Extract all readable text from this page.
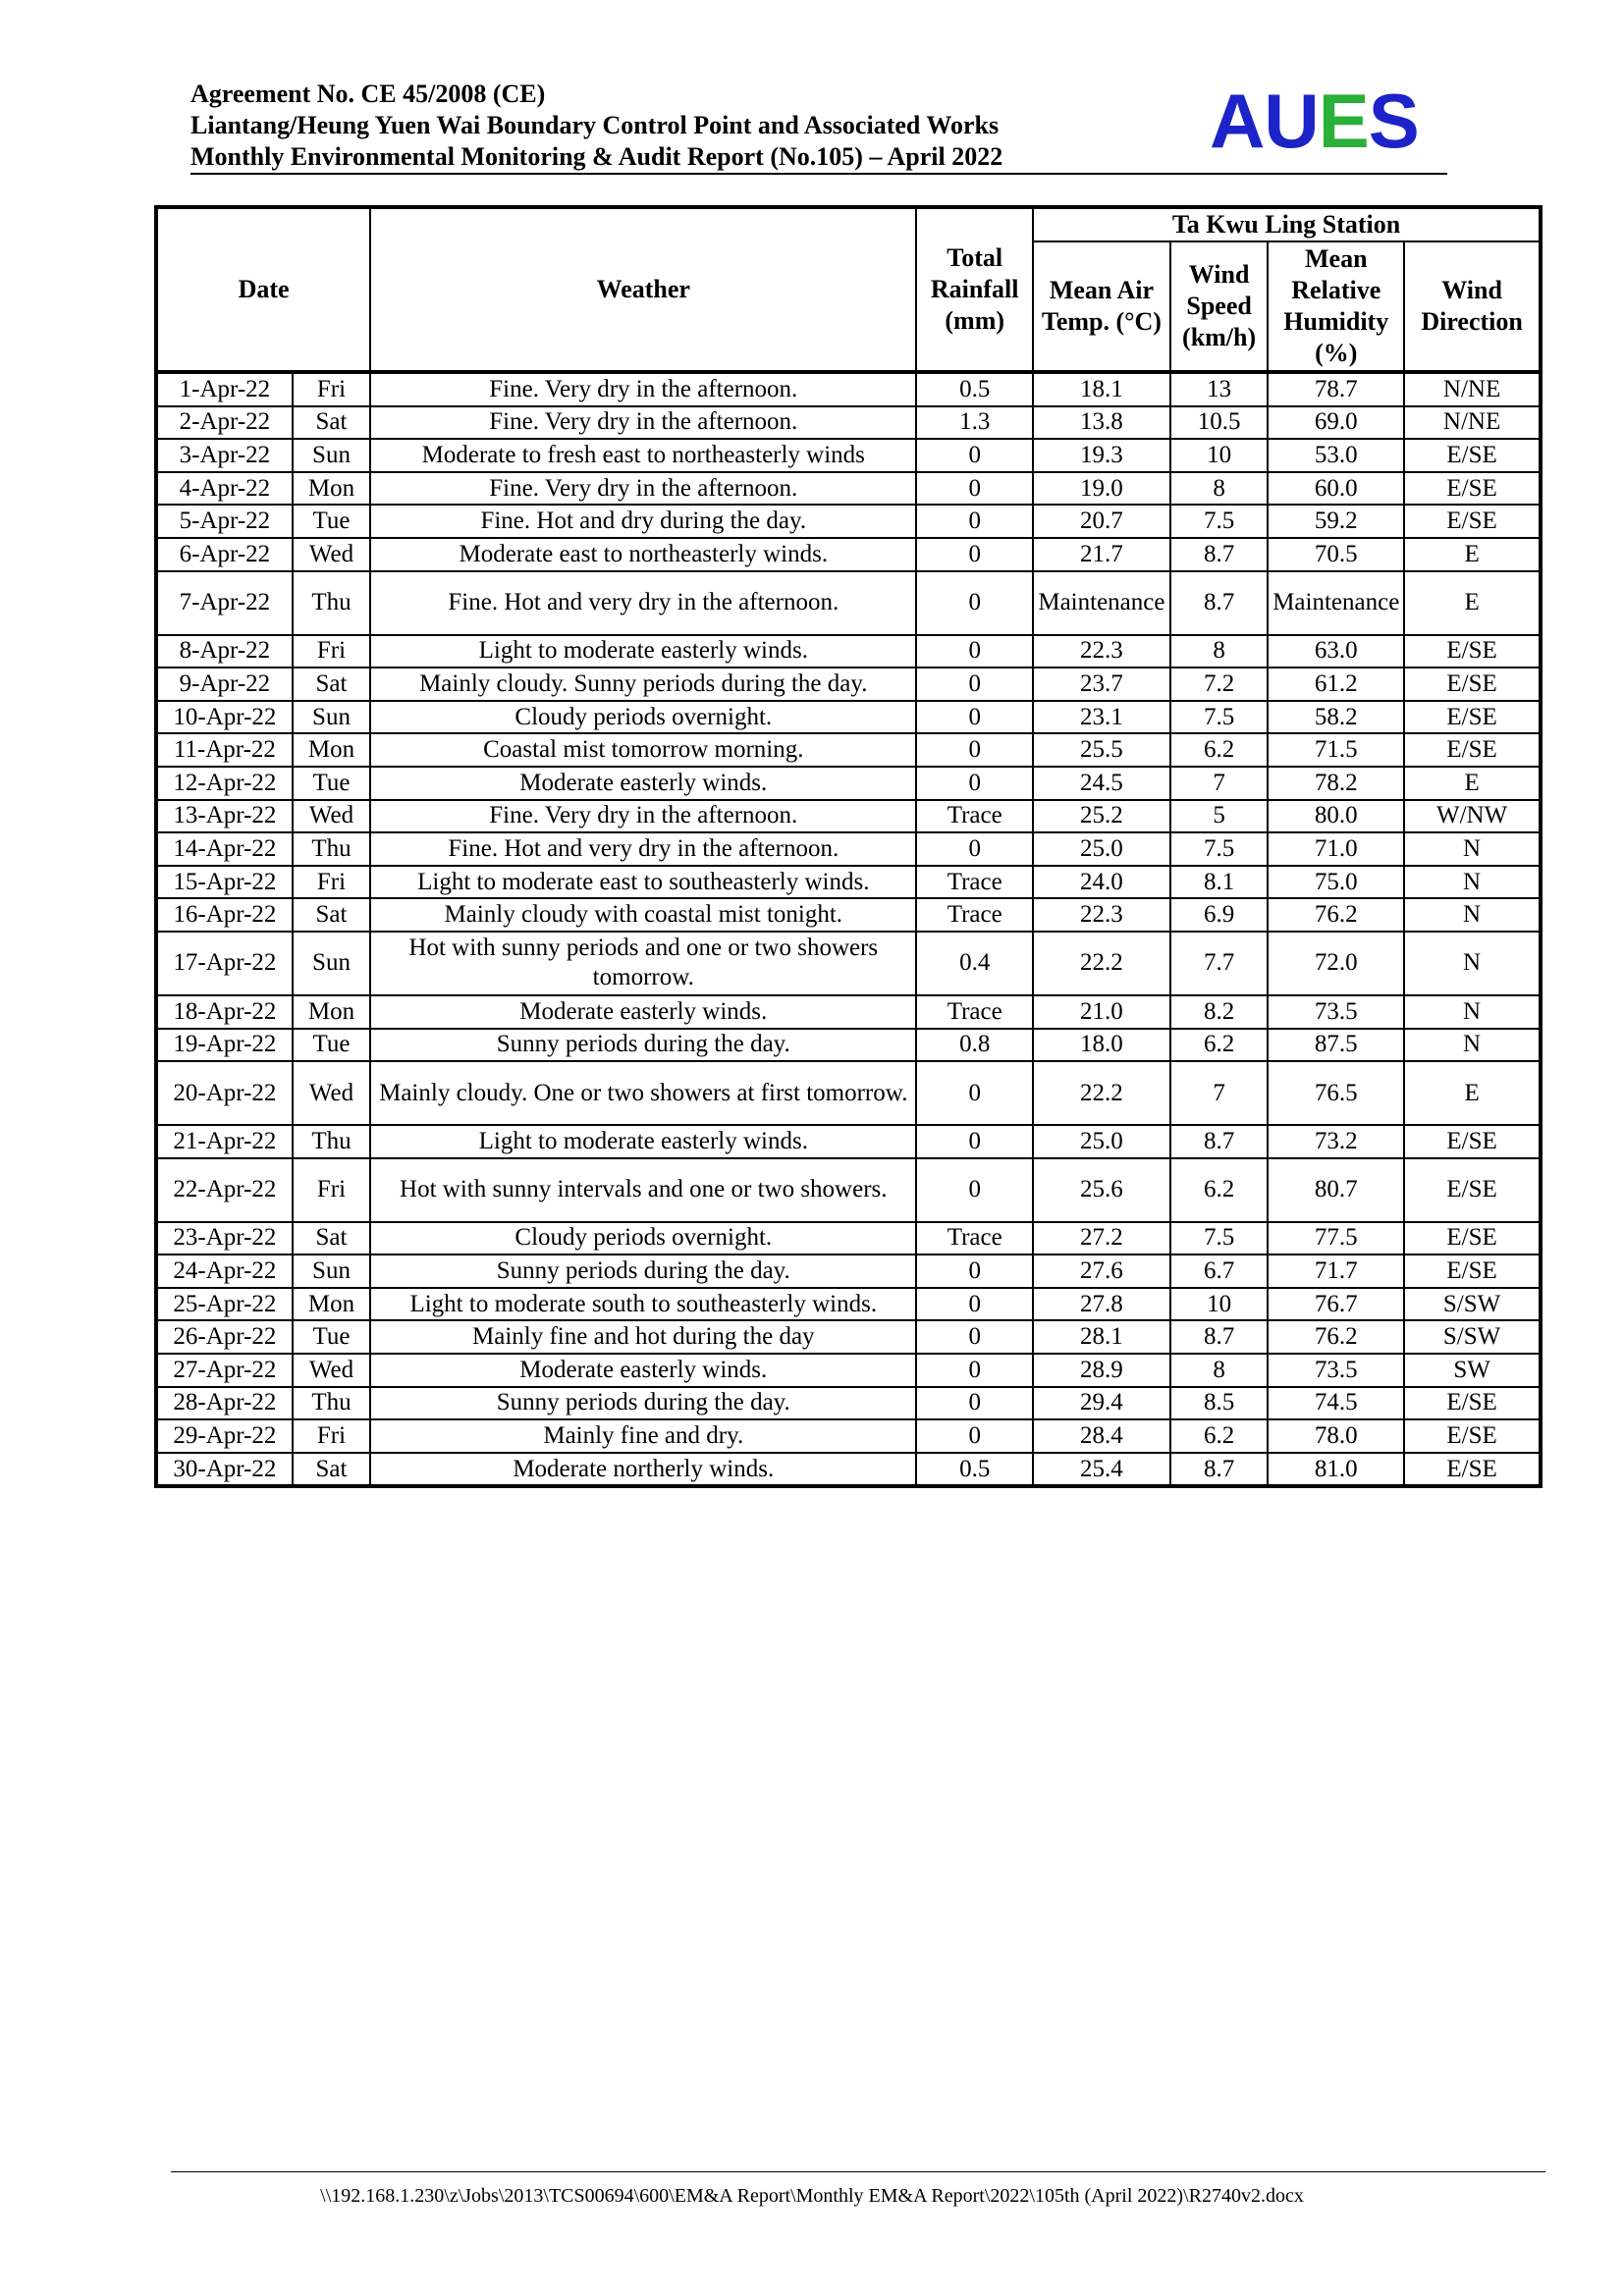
Agreement No. CE 45/2008 (CE)
Liantang/Heung Yuen Wai Boundary Control Point and Associated Works
Monthly Environmental Monitoring & Audit Report (No.105) – April 2022	AUES
Date		Weather	Total Rainfall (mm)	Ta Kwu Ling Station			
				Mean Air Temp. (°C)	Wind Speed (km/h)	Mean Relative Humidity (%)	Wind Direction
1-Apr-22	Fri	Fine. Very dry in the afternoon.	0.5	18.1	13	78.7	N/NE
2-Apr-22	Sat	Fine. Very dry in the afternoon.	1.3	13.8	10.5	69.0	N/NE
3-Apr-22	Sun	Moderate to fresh east to northeasterly winds	0	19.3	10	53.0	E/SE
4-Apr-22	Mon	Fine. Very dry in the afternoon.	0	19.0	8	60.0	E/SE
5-Apr-22	Tue	Fine. Hot and dry during the day.	0	20.7	7.5	59.2	E/SE
6-Apr-22	Wed	Moderate east to northeasterly winds.	0	21.7	8.7	70.5	E
7-Apr-22	Thu	Fine. Hot and very dry in the afternoon.	0	Maintenance	8.7	Maintenance	E
8-Apr-22	Fri	Light to moderate easterly winds.	0	22.3	8	63.0	E/SE
9-Apr-22	Sat	Mainly cloudy. Sunny periods during the day.	0	23.7	7.2	61.2	E/SE
10-Apr-22	Sun	Cloudy periods overnight.	0	23.1	7.5	58.2	E/SE
11-Apr-22	Mon	Coastal mist tomorrow morning.	0	25.5	6.2	71.5	E/SE
12-Apr-22	Tue	Moderate easterly winds.	0	24.5	7	78.2	E
13-Apr-22	Wed	Fine. Very dry in the afternoon.	Trace	25.2	5	80.0	W/NW
14-Apr-22	Thu	Fine. Hot and very dry in the afternoon.	0	25.0	7.5	71.0	N
15-Apr-22	Fri	Light to moderate east to southeasterly winds.	Trace	24.0	8.1	75.0	N
16-Apr-22	Sat	Mainly cloudy with coastal mist tonight.	Trace	22.3	6.9	76.2	N
17-Apr-22	Sun	Hot with sunny periods and one or two showers tomorrow.	0.4	22.2	7.7	72.0	N
18-Apr-22	Mon	Moderate easterly winds.	Trace	21.0	8.2	73.5	N
19-Apr-22	Tue	Sunny periods during the day.	0.8	18.0	6.2	87.5	N
20-Apr-22	Wed	Mainly cloudy. One or two showers at first tomorrow.	0	22.2	7	76.5	E
21-Apr-22	Thu	Light to moderate easterly winds.	0	25.0	8.7	73.2	E/SE
22-Apr-22	Fri	Hot with sunny intervals and one or two showers.	0	25.6	6.2	80.7	E/SE
23-Apr-22	Sat	Cloudy periods overnight.	Trace	27.2	7.5	77.5	E/SE
24-Apr-22	Sun	Sunny periods during the day.	0	27.6	6.7	71.7	E/SE
25-Apr-22	Mon	Light to moderate south to southeasterly winds.	0	27.8	10	76.7	S/SW
26-Apr-22	Tue	Mainly fine and hot during the day	0	28.1	8.7	76.2	S/SW
27-Apr-22	Wed	Moderate easterly winds.	0	28.9	8	73.5	SW
28-Apr-22	Thu	Sunny periods during the day.	0	29.4	8.5	74.5	E/SE
29-Apr-22	Fri	Mainly fine and dry.	0	28.4	6.2	78.0	E/SE
30-Apr-22	Sat	Moderate northerly winds.	0.5	25.4	8.7	81.0	E/SE
\\192.168.1.230\z\Jobs\2013\TCS00694\600\EM&A Report\Monthly EM&A Report\2022\105th (April 2022)\R2740v2.docx
